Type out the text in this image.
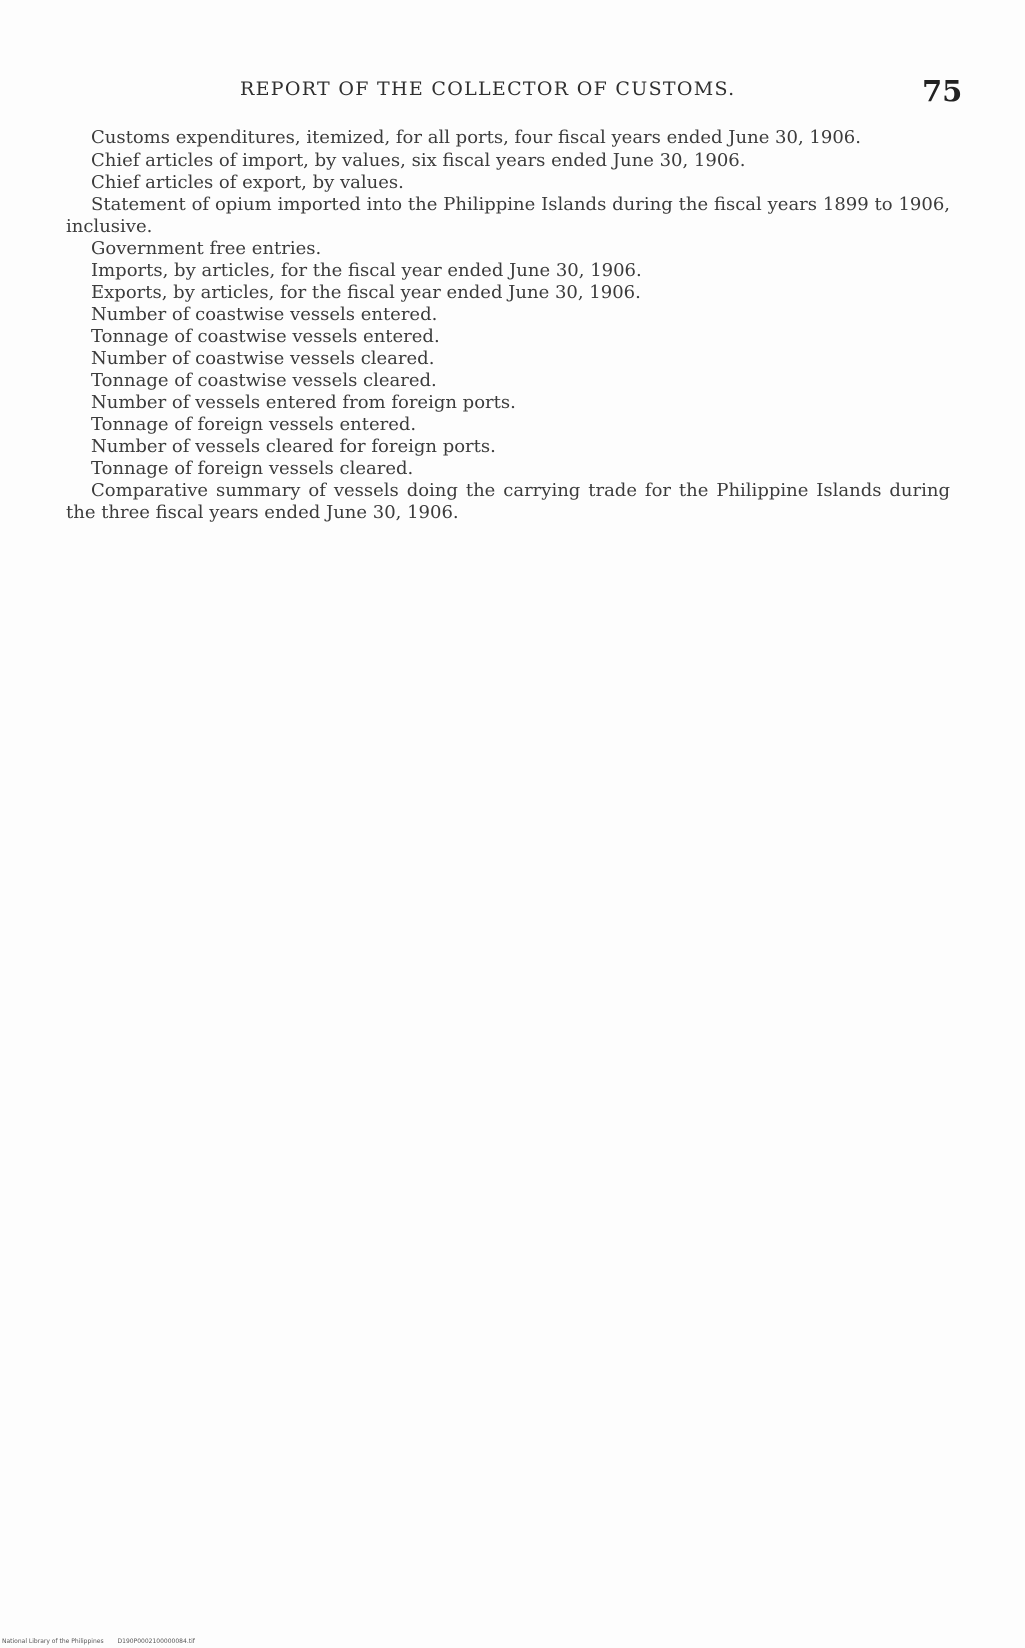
REPORT OF THE COLLECTOR OF CUSTOMS.	75

Customs expenditures, itemized, for all ports, four fiscal years ended June 30, 1906.

Chief articles of import, by values, six fiscal years ended June 30, 1906.

Chief articles of export, by values.

Statement of opium imported into the Philippine Islands during the fiscal years 1899 to 1906, inclusive.

Government free entries.

Imports, by articles, for the fiscal year ended June 30, 1906.

Exports, by articles, for the fiscal year ended June 30, 1906.

Number of coastwise vessels entered.

Tonnage of coastwise vessels entered.

Number of coastwise vessels cleared.

Tonnage of coastwise vessels cleared.

Number of vessels entered from foreign ports.

Tonnage of foreign vessels entered.

Number of vessels cleared for foreign ports.

Tonnage of foreign vessels cleared.

Comparative summary of vessels doing the carrying trade for the Philippine Islands during the three fiscal years ended June 30, 1906.

National Library of the Philippines D190P0002100000084.tif
